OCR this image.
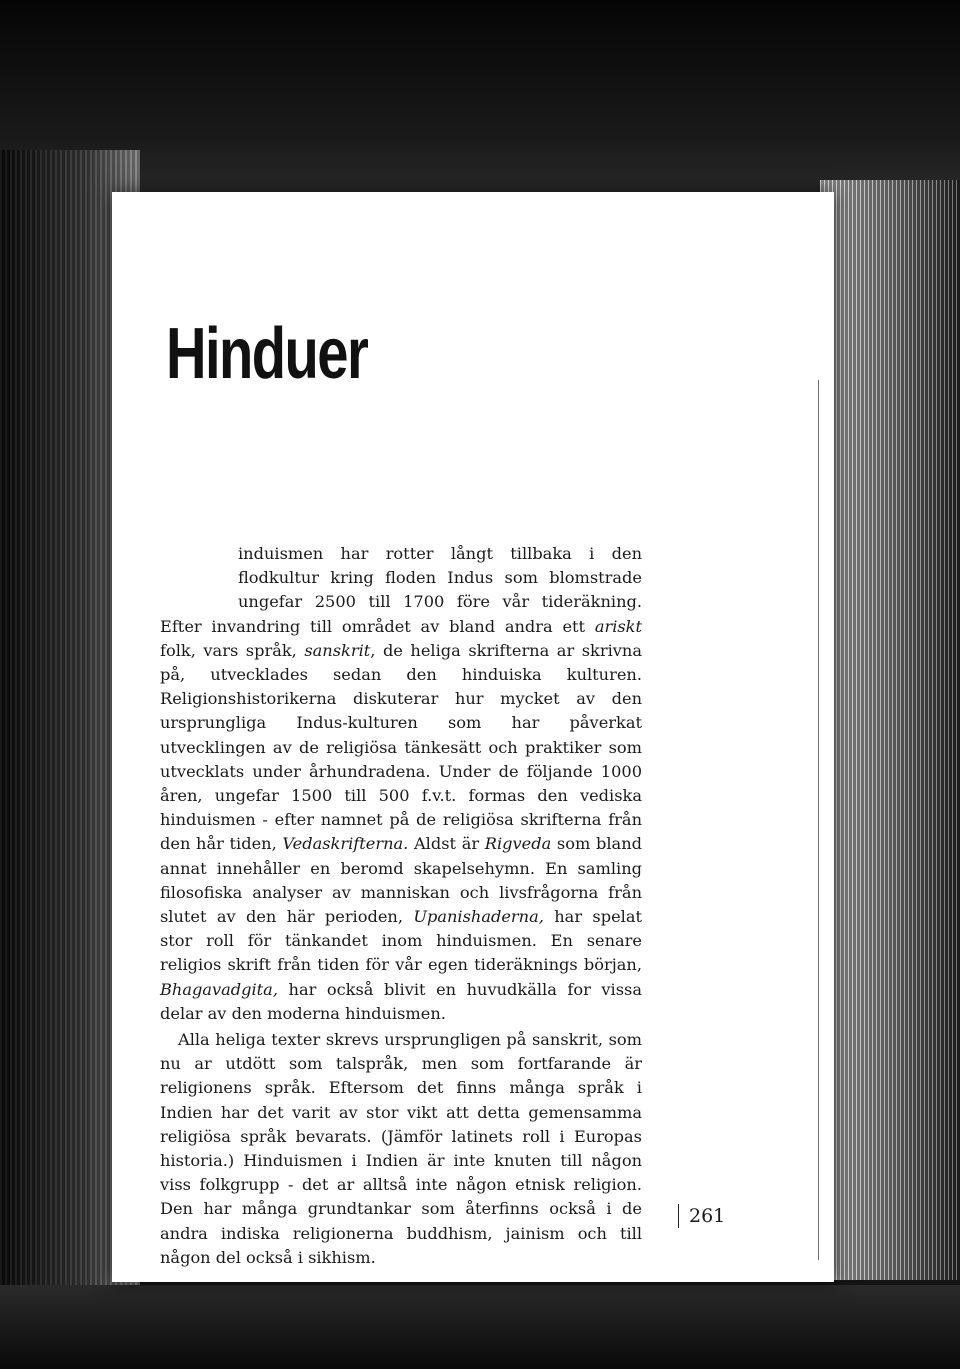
Hinduer

induismen har rotter långt tillbaka i den flodkultur kring floden Indus som blomstrade ungefar 2500 till 1700 före vår tideräkning. Efter invandring till området av bland andra ett ariskt folk, vars språk, sanskrit, de heliga skrifterna ar skrivna på, utvecklades sedan den hinduiska kulturen. Religionshistorikerna diskuterar hur mycket av den ursprungliga Indus-kulturen som har påverkat utvecklingen av de religiösa tänkesätt och praktiker som utvecklats under århundradena. Under de följande 1000 åren, ungefar 1500 till 500 f.v.t. formas den vediska hinduismen - efter namnet på de religiösa skrifterna från den hår tiden, Vedaskrifterna. Aldst är Rigveda som bland annat innehåller en beromd skapelsehymn. En samling filosofiska analyser av manniskan och livsfrågorna från slutet av den här perioden, Upanishaderna, har spelat stor roll för tänkandet inom hinduismen. En senare religios skrift från tiden för vår egen tideräknings början, Bhagavadgita, har också blivit en huvudkälla for vissa delar av den moderna hinduismen.

Alla heliga texter skrevs ursprungligen på sanskrit, som nu ar utdött som talspråk, men som fortfarande är religionens språk. Eftersom det finns många språk i Indien har det varit av stor vikt att detta gemensamma religiösa språk bevarats. (Jämför latinets roll i Europas historia.) Hinduismen i Indien är inte knuten till någon viss folkgrupp - det ar alltså inte någon etnisk religion. Den har många grundtankar som återfinns också i de andra indiska religionerna buddhism, jainism och till någon del också i sikhism.

261
